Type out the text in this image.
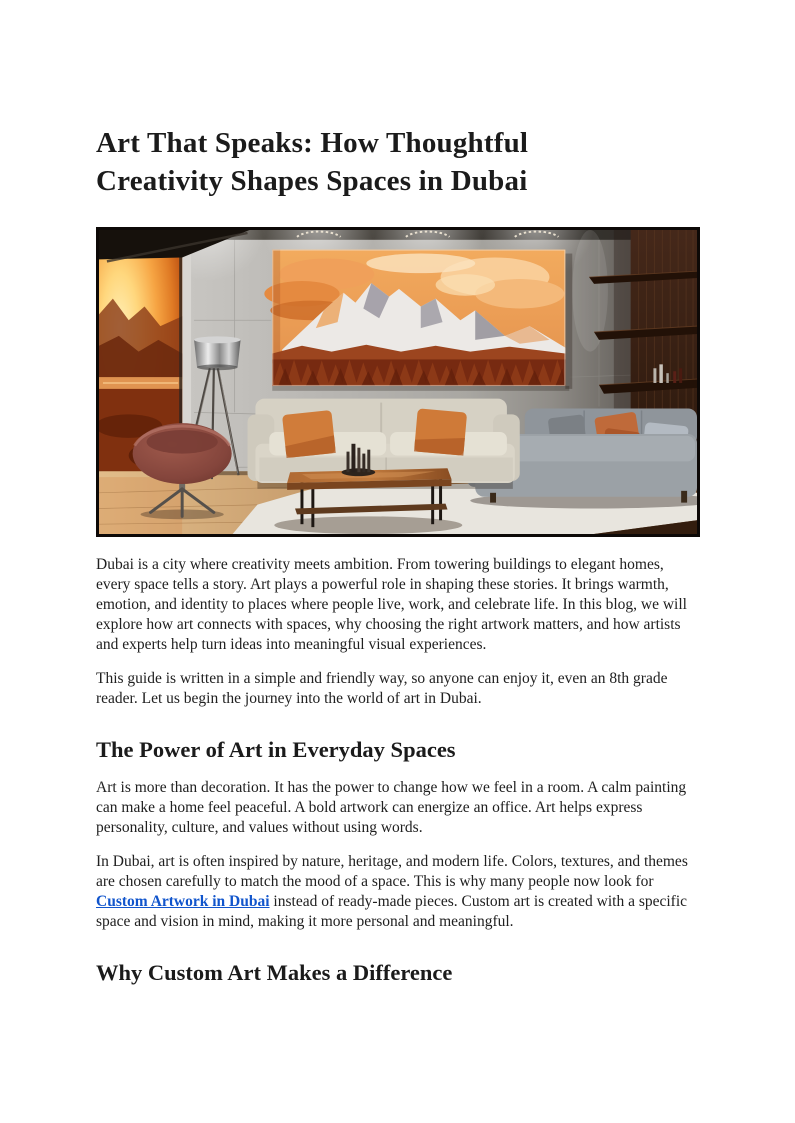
Art That Speaks: How Thoughtful
Creativity Shapes Spaces in Dubai

Dubai is a city where creativity meets ambition. From towering buildings to elegant homes, every space tells a story. Art plays a powerful role in shaping these stories. It brings warmth, emotion, and identity to places where people live, work, and celebrate life. In this blog, we will explore how art connects with spaces, why choosing the right artwork matters, and how artists and experts help turn ideas into meaningful visual experiences.

This guide is written in a simple and friendly way, so anyone can enjoy it, even an 8th grade reader. Let us begin the journey into the world of art in Dubai.

The Power of Art in Everyday Spaces

Art is more than decoration. It has the power to change how we feel in a room. A calm painting can make a home feel peaceful. A bold artwork can energize an office. Art helps express personality, culture, and values without using words.

In Dubai, art is often inspired by nature, heritage, and modern life. Colors, textures, and themes are chosen carefully to match the mood of a space. This is why many people now look for Custom Artwork in Dubai instead of ready-made pieces. Custom art is created with a specific space and vision in mind, making it more personal and meaningful.

Why Custom Art Makes a Difference
